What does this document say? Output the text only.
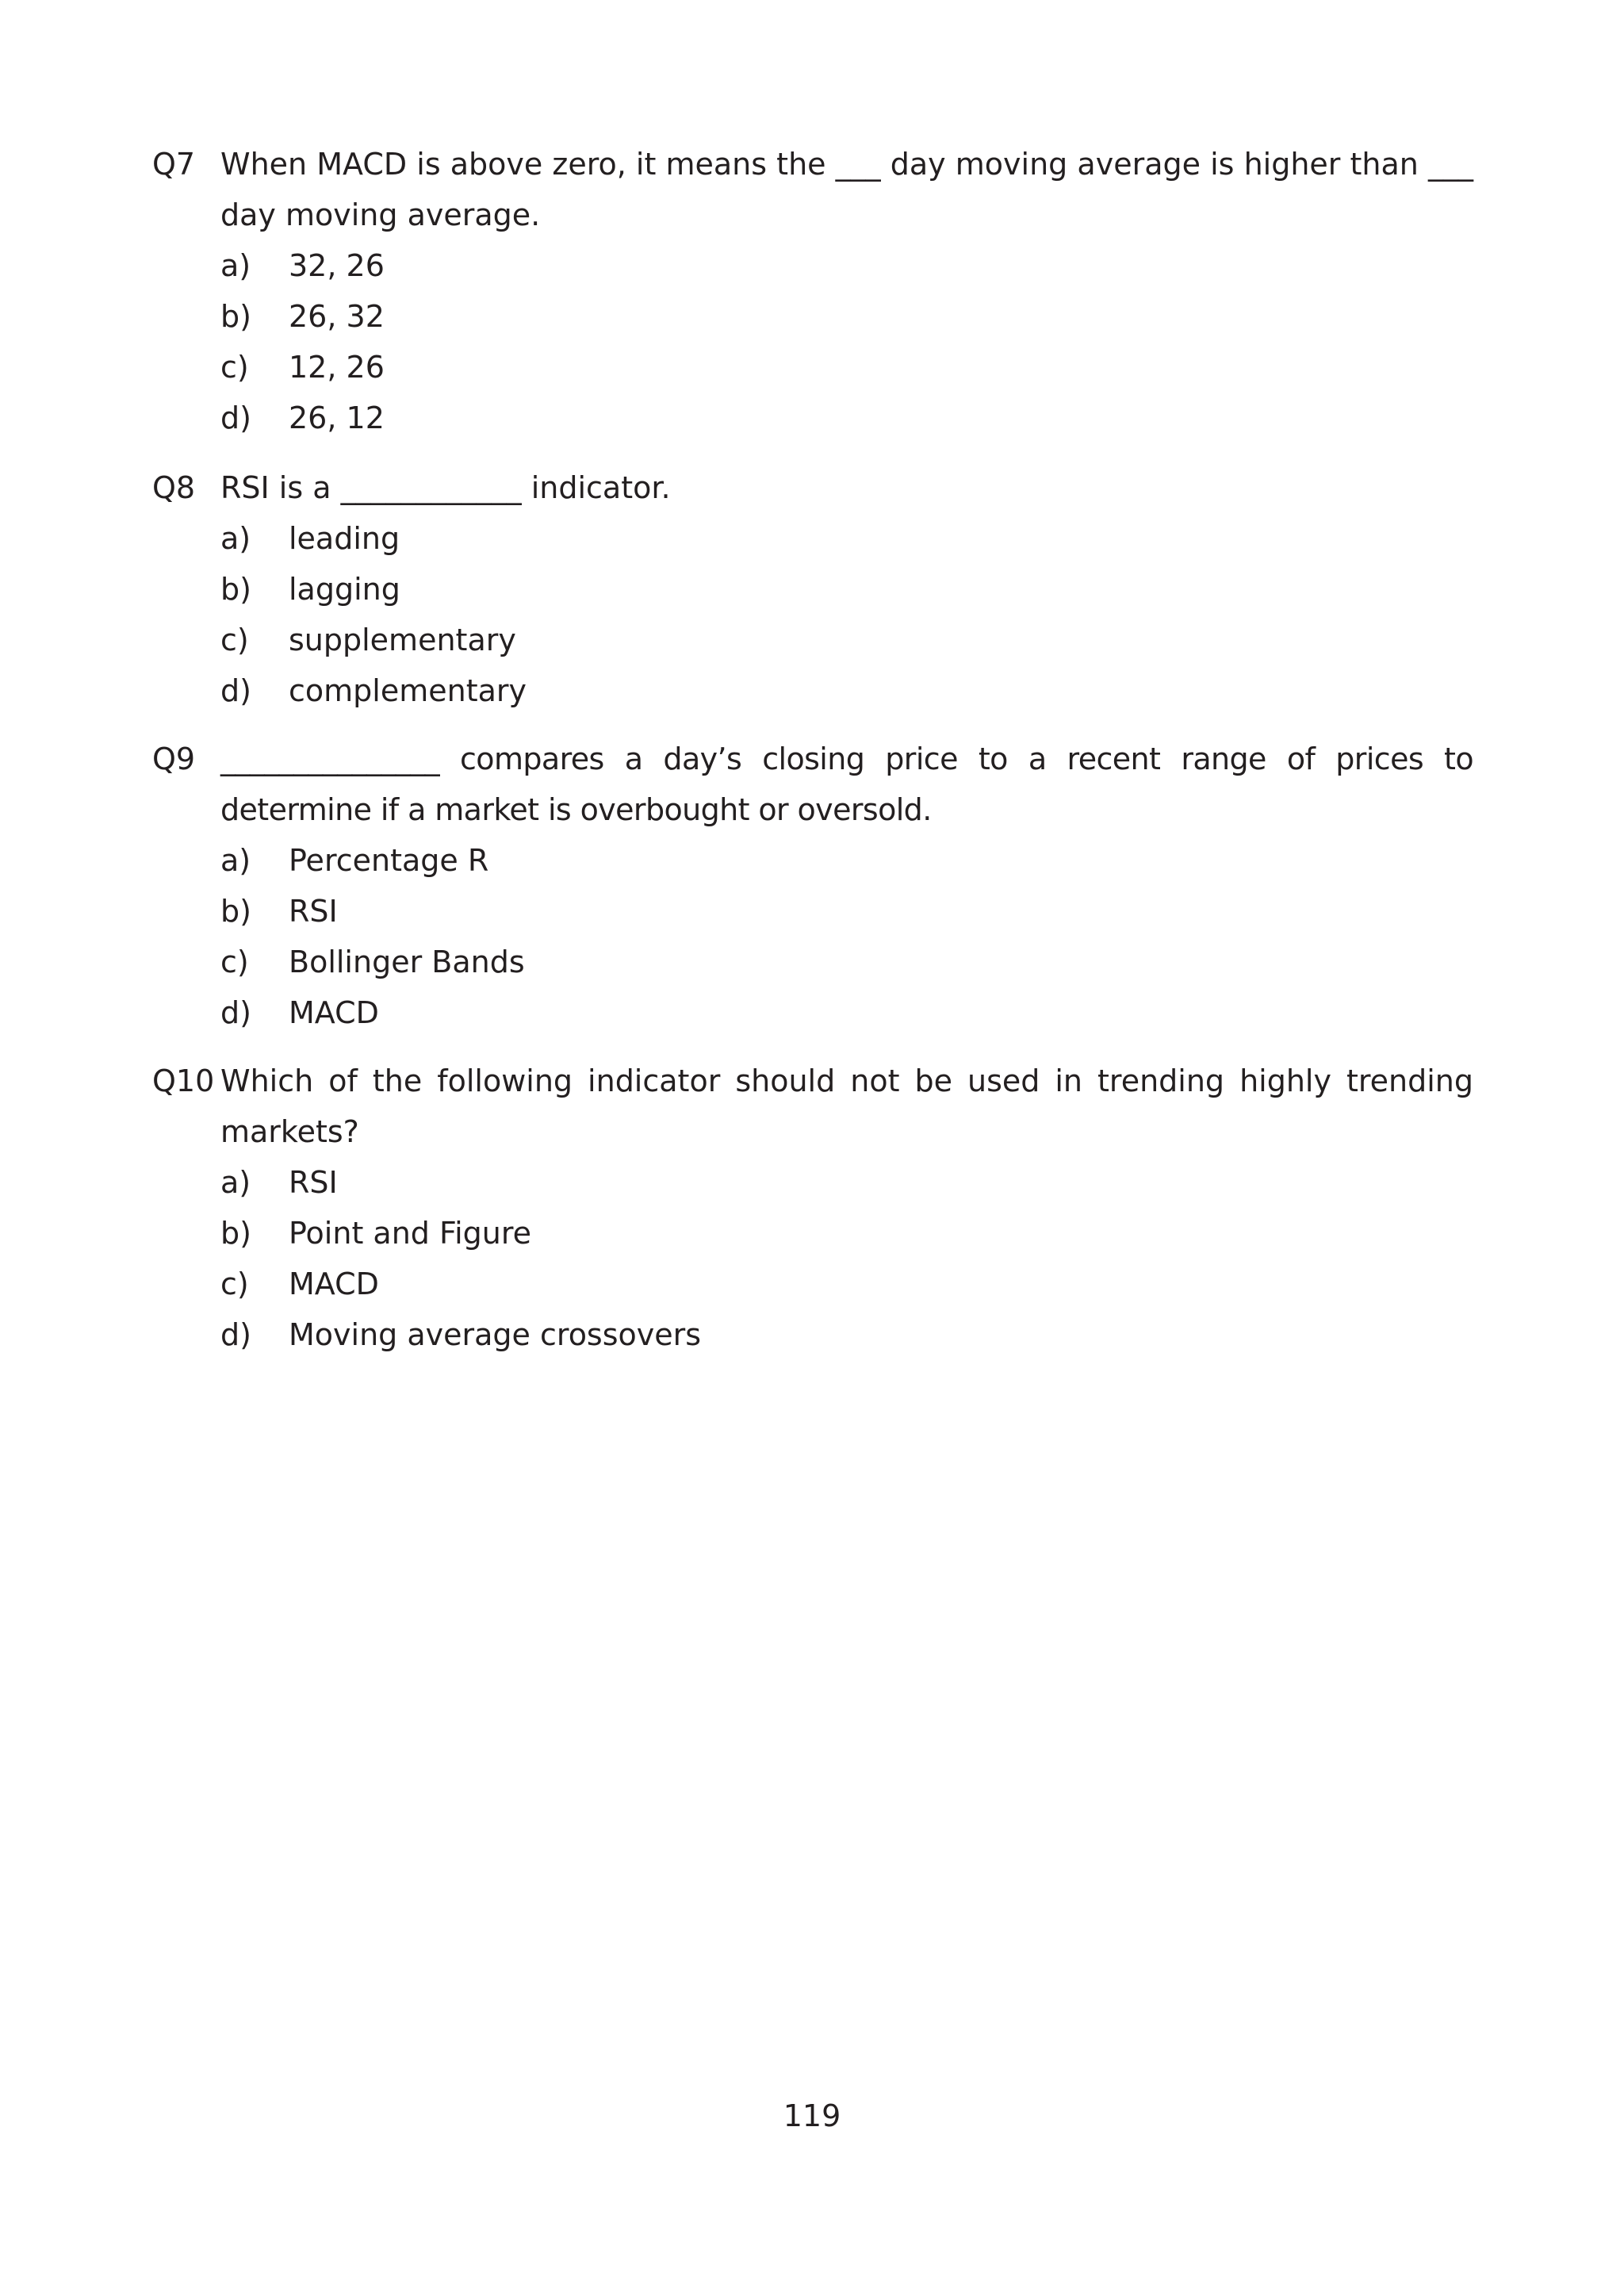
Q7 When MACD is above zero, it means the ___ day moving average is higher than ___ day moving average.
a) 32, 26
b) 26, 32
c) 12, 26
d) 26, 12
Q8 RSI is a ____________ indicator.
a) leading
b) lagging
c) supplementary
d) complementary
Q9 _______________ compares a day’s closing price to a recent range of prices to determine if a market is overbought or oversold.
a) Percentage R
b) RSI
c) Bollinger Bands
d) MACD
Q10 Which of the following indicator should not be used in trending highly trending markets?
a) RSI
b) Point and Figure
c) MACD
d) Moving average crossovers
119
